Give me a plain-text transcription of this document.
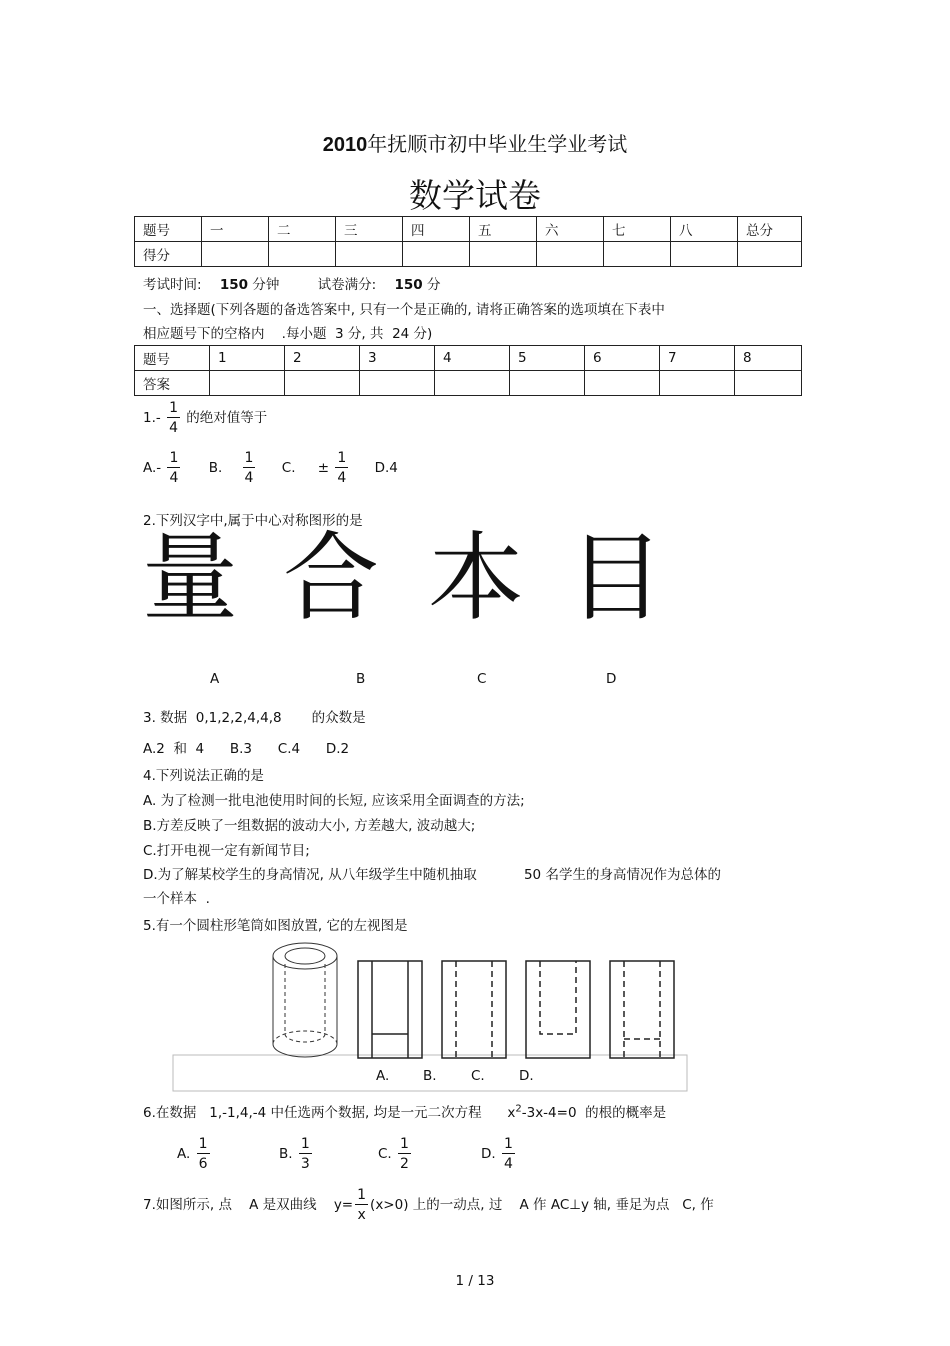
2010年抚顺市初中毕业生学业考试
数学试卷
题号	一	二	三	四	五	六	七	八	总分
得分									
考试时间: 150 分钟	试卷满分: 150 分
一、选择题(下列各题的备选答案中, 只有一个是正确的, 请将正确答案的选项填在下表中
相应题号下的空格内    .每小题  3 分, 共  24 分)
题号	1	2	3	4	5	6	7	8
答案								
$1.- \frac{1}{4}$ 的绝对值等于
$A.- \frac{1}{4} B$. $\frac{1}{4} C$. ± $\frac{1}{4} D.4$
2.下列汉字中,属于中心对称图形的是
量 合 本 目
A	B	C	D
3. 数据  0,1,2,2,4,4,8       的众数是
A.2  和  4      B.3      C.4      D.2
4.下列说法正确的是
A. 为了检测一批电池使用时间的长短, 应该采用全面调查的方法;
B.方差反映了一组数据的波动大小, 方差越大, 波动越大;
C.打开电视一定有新闻节目;
D.为了解某校学生的身高情况, 从八年级学生中随机抽取           50 名学生的身高情况作为总体的
一个样本  .
5.有一个圆柱形笔筒如图放置, 它的左视图是
A. B.	C.	D.
6.在数据   1,-1,4,-4 中任选两个数据, 均是一元二次方程 $x^2-3x-4=0$  的根的概率是
A. $\frac{1}{6}$	B. $\frac{1}{3}$	C. $\frac{1}{2}$	D. $\frac{1}{4}$
7.如图所示, 点    A 是双曲线    $y= \frac{1}{x} (x>0)$ 上的一动点, 过    A 作 AC⊥y 轴, 垂足为点   C, 作
1 / 13
